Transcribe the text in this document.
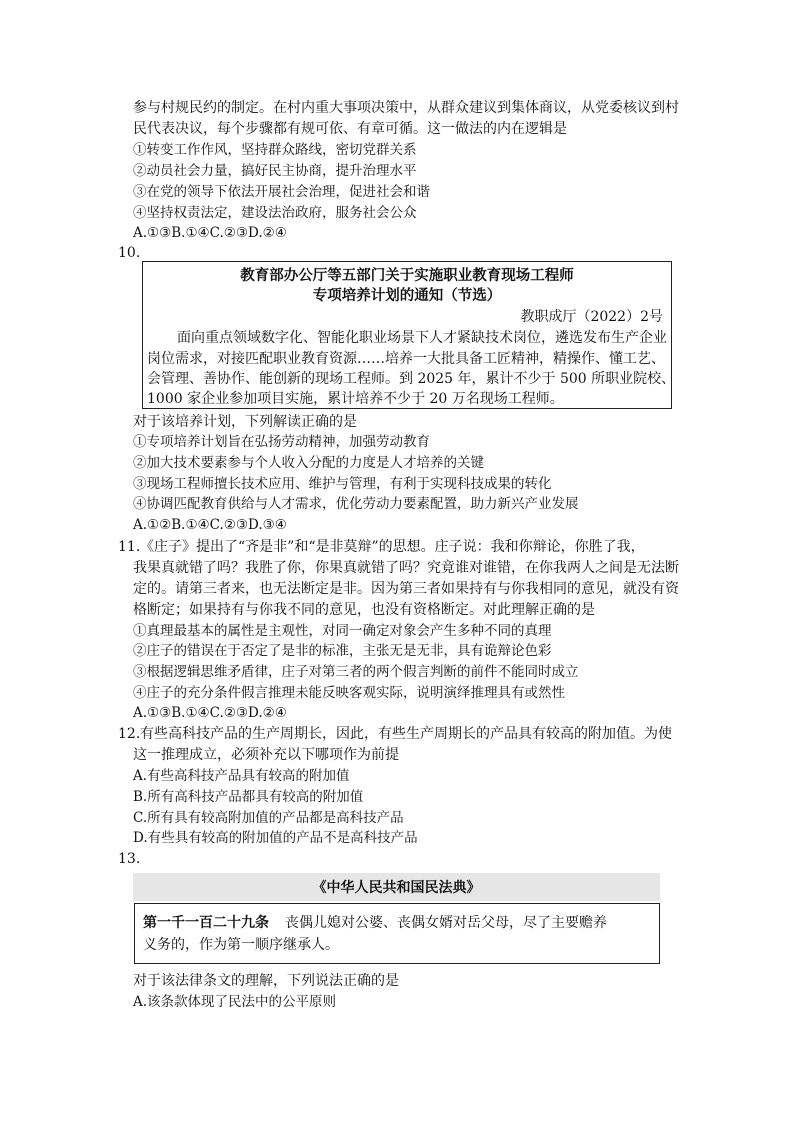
参与村规民约的制定。在村内重大事项决策中，从群众建议到集体商议，从党委核议到村
民代表决议，每个步骤都有规可依、有章可循。这一做法的内在逻辑是
①转变工作作风，坚持群众路线，密切党群关系
②动员社会力量，搞好民主协商，提升治理水平
③在党的领导下依法开展社会治理，促进社会和谐
④坚持权责法定，建设法治政府，服务社会公众
A.①③B.①④C.②③D.②④
10.
教育部办公厅等五部门关于实施职业教育现场工程师
专项培养计划的通知（节选）
教职成厅（2022）2号
面向重点领域数字化、智能化职业场景下人才紧缺技术岗位，遴选发布生产企业
岗位需求，对接匹配职业教育资源……培养一大批具备工匠精神，精操作、懂工艺、
会管理、善协作、能创新的现场工程师。到 2025 年，累计不少于 500 所职业院校、
1000 家企业参加项目实施，累计培养不少于 20 万名现场工程师。
对于该培养计划，下列解读正确的是
①专项培养计划旨在弘扬劳动精神，加强劳动教育
②加大技术要素参与个人收入分配的力度是人才培养的关键
③现场工程师擅长技术应用、维护与管理，有利于实现科技成果的转化
④协调匹配教育供给与人才需求，优化劳动力要素配置，助力新兴产业发展
A.①②B.①④C.②③D.③④
11. 《庄子》提出了“齐是非”和“是非莫辩”的思想。庄子说：我和你辩论，你胜了我，
我果真就错了吗？我胜了你，你果真就错了吗？究竟谁对谁错，在你我两人之间是无法断
定的。请第三者来，也无法断定是非。因为第三者如果持有与你我相同的意见，就没有资
格断定；如果持有与你我不同的意见，也没有资格断定。对此理解正确的是
①真理最基本的属性是主观性，对同一确定对象会产生多种不同的真理
②庄子的错误在于否定了是非的标准，主张无是无非，具有诡辩论色彩
③根据逻辑思维矛盾律，庄子对第三者的两个假言判断的前件不能同时成立
④庄子的充分条件假言推理未能反映客观实际，说明演绎推理具有或然性
A.①③B.①④C.②③D.②④
12. 有些高科技产品的生产周期长，因此，有些生产周期长的产品具有较高的附加值。为使
这一推理成立，必须补充以下哪项作为前提
A.有些高科技产品具有较高的附加值
B.所有高科技产品都具有较高的附加值
C.所有具有较高附加值的产品都是高科技产品
D.有些具有较高的附加值的产品不是高科技产品
13.
《中华人民共和国民法典》
第一千一百二十九条 丧偶儿媳对公婆、丧偶女婿对岳父母，尽了主要赡养
义务的，作为第一顺序继承人。
对于该法律条文的理解，下列说法正确的是
A.该条款体现了民法中的公平原则
